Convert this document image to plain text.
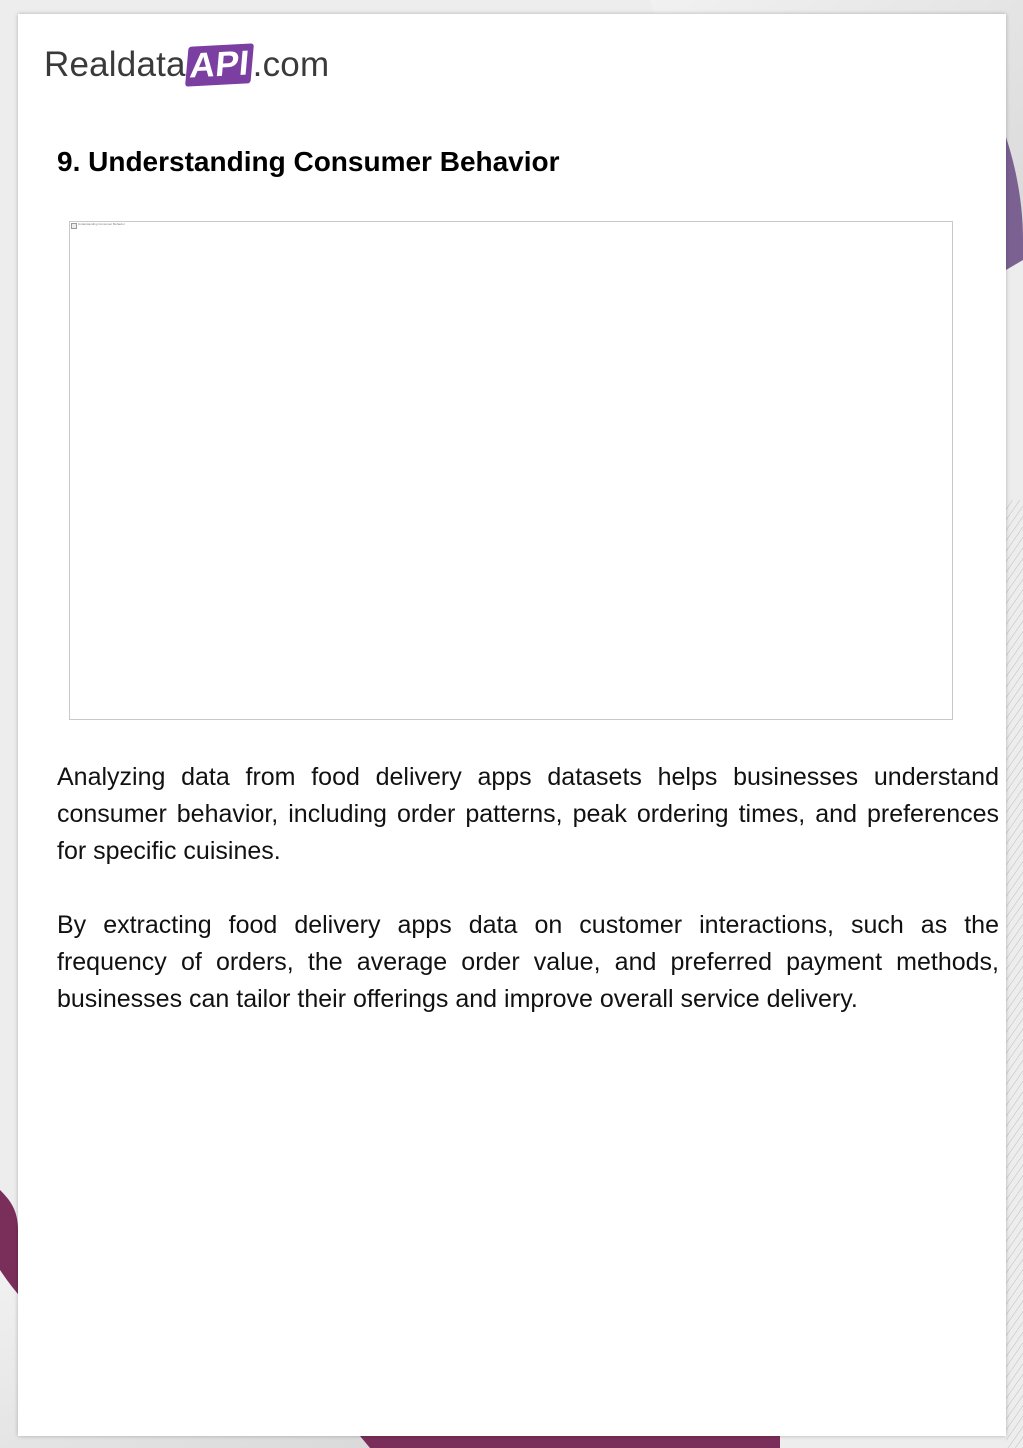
Realdata API .com
9. Understanding Consumer Behavior
Understanding Consumer Behavior

Analyzing data from food delivery apps datasets helps businesses understand consumer behavior, including order patterns, peak ordering times, and preferences for specific cuisines.

By extracting food delivery apps data on customer interactions, such as the frequency of orders, the average order value, and preferred payment methods, businesses can tailor their offerings and improve overall service delivery.
